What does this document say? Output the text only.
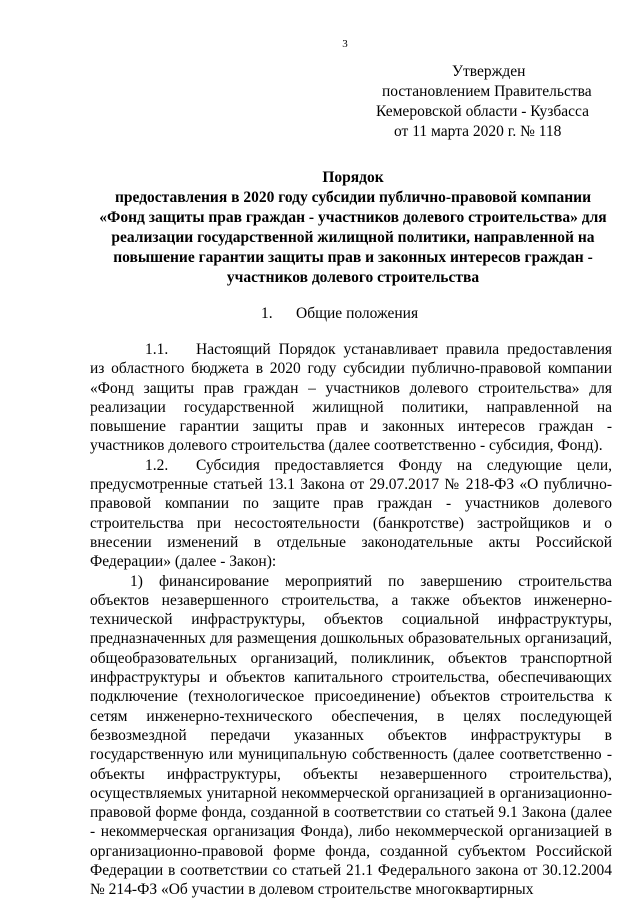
3
Утвержден
постановлением Правительства
Кемеровской области - Кузбасса
от 11 марта 2020 г. № 118
Порядок
предоставления в 2020 году субсидии публично-правовой компании
«Фонд защиты прав граждан - участников долевого строительства» для
реализации государственной жилищной политики, направленной на
повышение гарантии защиты прав и законных интересов граждан -
участников долевого строительства
1. Общие положения

1.1. Настоящий Порядок устанавливает правила предоставления из областного бюджета в 2020 году субсидии публично-правовой компании «Фонд защиты прав граждан – участников долевого строительства» для реализации государственной жилищной политики, направленной на повышение гарантии защиты прав и законных интересов граждан - участников долевого строительства (далее соответственно - субсидия, Фонд).

1.2. Субсидия предоставляется Фонду на следующие цели, предусмотренные статьей 13.1 Закона от 29.07.2017 № 218-ФЗ «О публично-правовой компании по защите прав граждан - участников долевого строительства при несостоятельности (банкротстве) застройщиков и о внесении изменений в отдельные законодательные акты Российской Федерации» (далее - Закон):

1) финансирование мероприятий по завершению строительства объектов незавершенного строительства, а также объектов инженерно-технической инфраструктуры, объектов социальной инфраструктуры, предназначенных для размещения дошкольных образовательных организаций, общеобразовательных организаций, поликлиник, объектов транспортной инфраструктуры и объектов капитального строительства, обеспечивающих подключение (технологическое присоединение) объектов строительства к сетям инженерно-технического обеспечения, в целях последующей безвозмездной передачи указанных объектов инфраструктуры в государственную или муниципальную собственность (далее соответственно - объекты инфраструктуры, объекты незавершенного строительства), осуществляемых унитарной некоммерческой организацией в организационно-правовой форме фонда, созданной в соответствии со статьей 9.1 Закона (далее - некоммерческая организация Фонда), либо некоммерческой организацией в организационно-правовой форме фонда, созданной субъектом Российской Федерации в соответствии со статьей 21.1 Федерального закона от 30.12.2004 № 214-ФЗ «Об участии в долевом строительстве многоквартирных
